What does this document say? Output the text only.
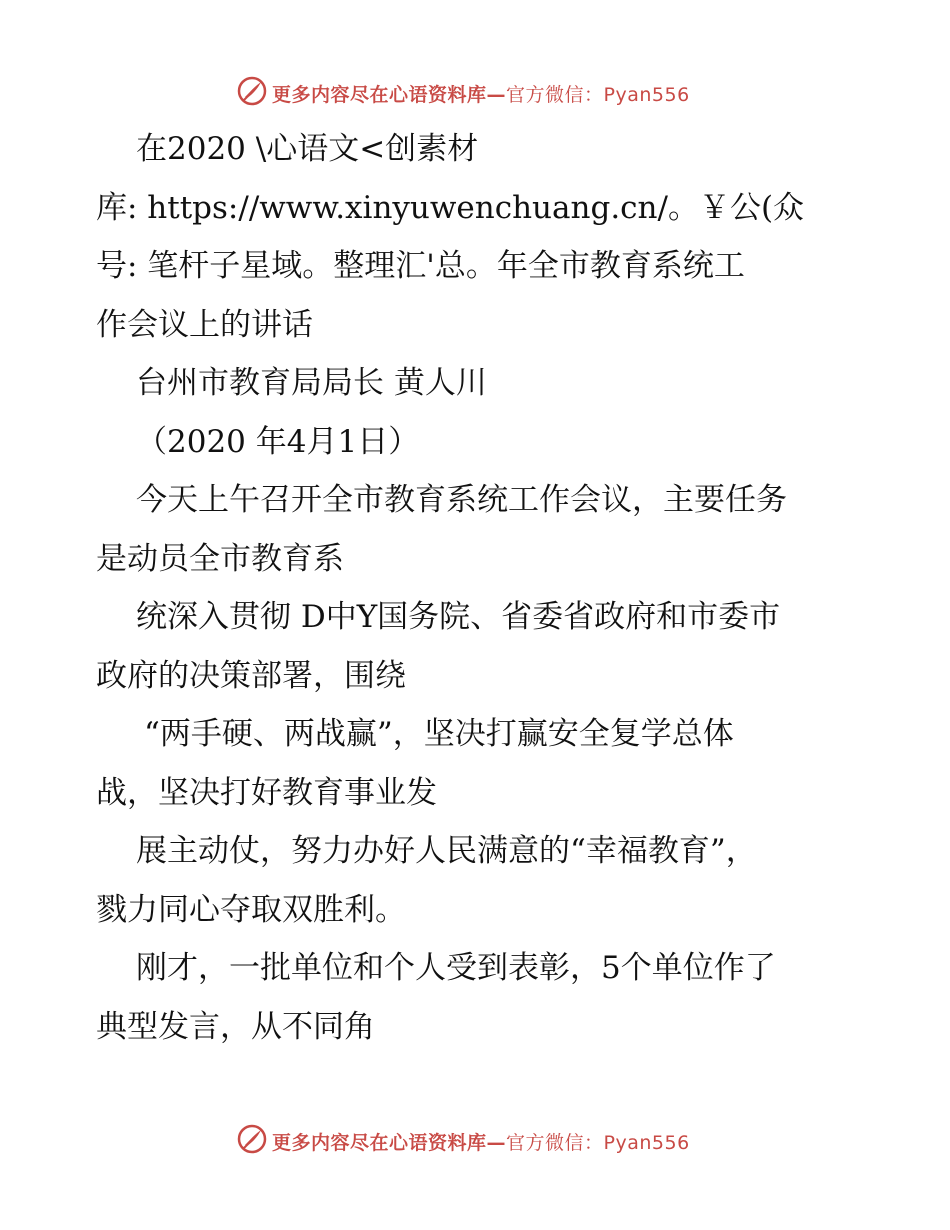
更多内容尽在心语资料库—官方微信：Pyan556
在2020 \心语文<创素材
库: https://www.xinyuwenchuang.cn/。￥公(众
号: 笔杆子星域。整理汇'总。年全市教育系统工
作会议上的讲话
台州市教育局局长 黄人川
（2020 年4月1日）
今天上午召开全市教育系统工作会议，主要任务
是动员全市教育系
统深入贯彻 D中Y国务院、省委省政府和市委市
政府的决策部署，围绕
“两手硬、两战赢”，坚决打赢安全复学总体
战，坚决打好教育事业发
展主动仗，努力办好人民满意的“幸福教育”，
戮力同心夺取双胜利。
刚才，一批单位和个人受到表彰，5个单位作了
典型发言，从不同角
更多内容尽在心语资料库—官方微信：Pyan556
